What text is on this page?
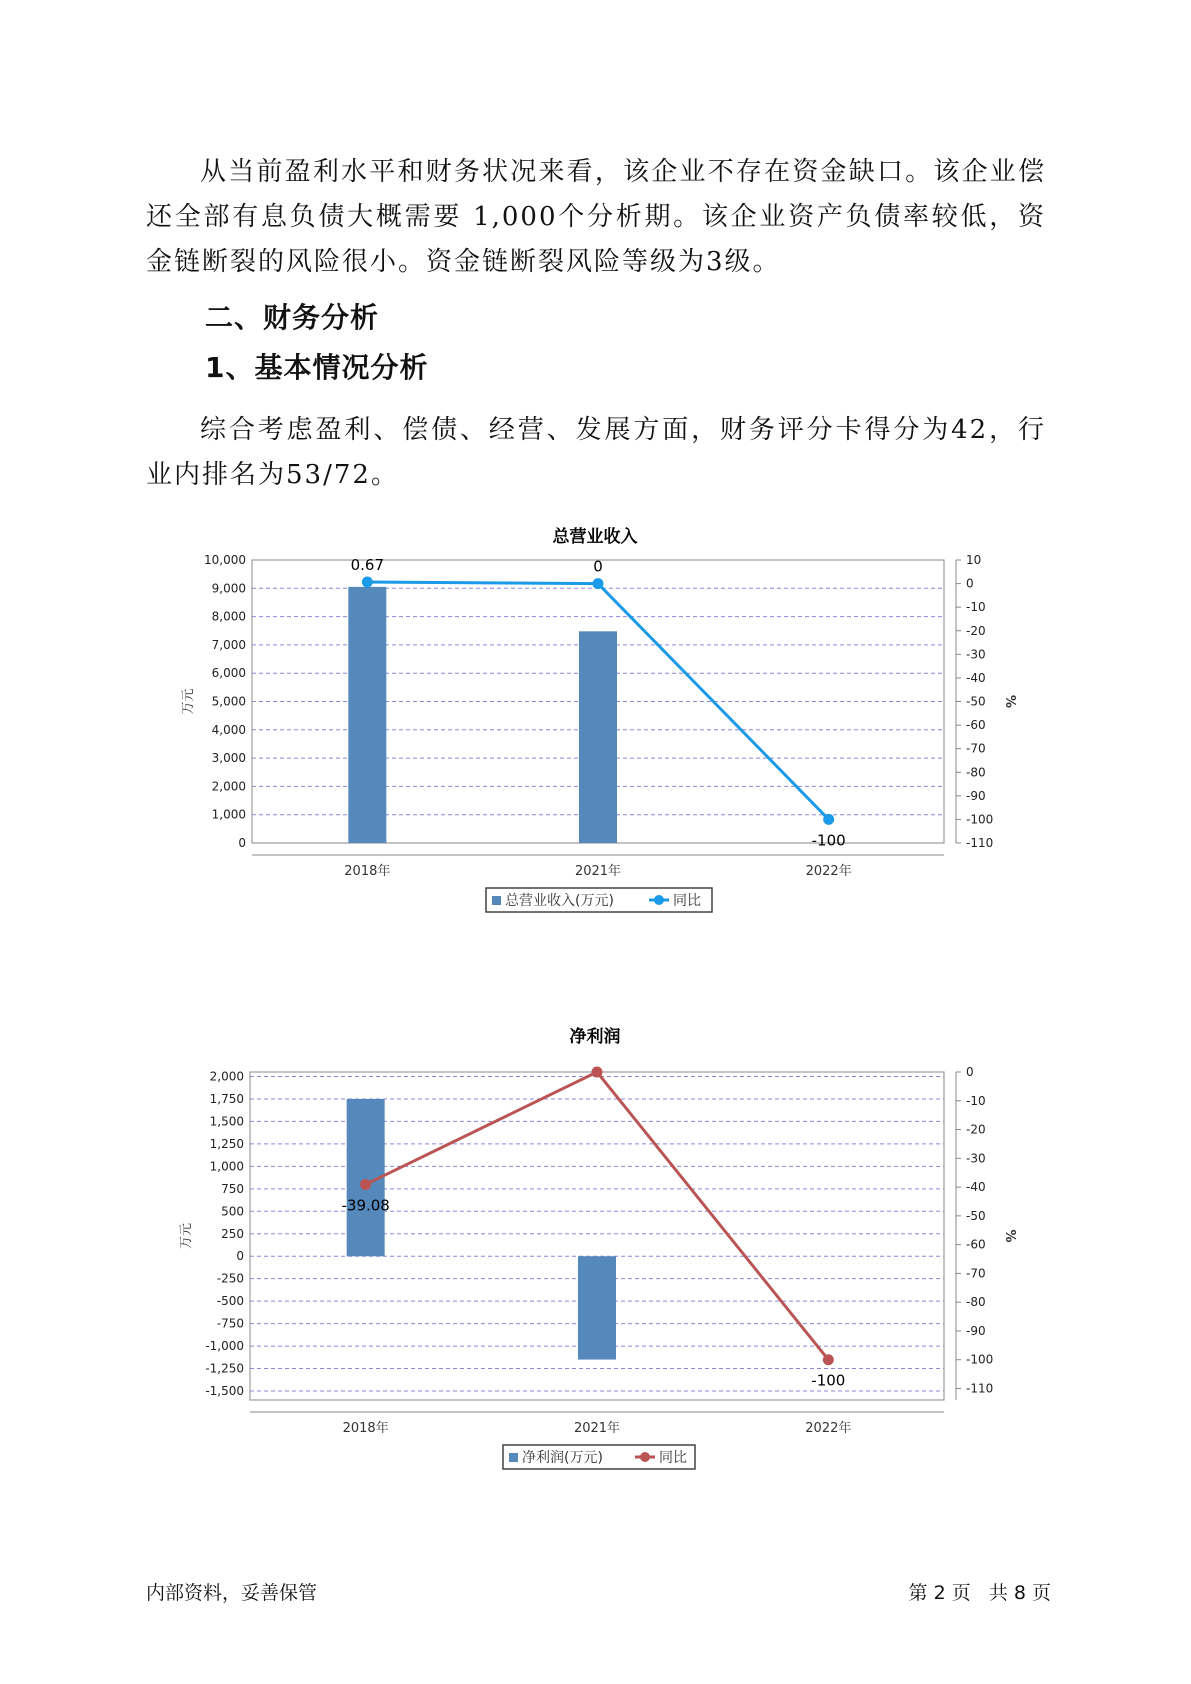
从当前盈利水平和财务状况来看，该企业不存在资金缺口。该企业偿还全部有息负债大概需要 1,000个分析期。该企业资产负债率较低，资金链断裂的风险很小。资金链断裂风险等级为3级。

二、财务分析
1、基本情况分析

综合考虑盈利、偿债、经营、发展方面，财务评分卡得分为42，行业内排名为53/72。

总营业收入
0
1,000
2,000
3,000
4,000
5,000
6,000
7,000
8,000
9,000
10,000
-110
-100
-90
-80
-70
-60
-50
-40
-30
-20
-10
0
10
万元	%
2018年	2021年	2022年
0.67	0
-100
总营业收入(万元)	同比
净利润
-1,500
-1,250
-1,000
-750
-500
-250
0
250
500
750
1,000
1,250
1,500
1,750
2,000
-110
-100
-90
-80
-70
-60
-50
-40
-30
-20
-10
0
万元	%
2018年	2021年	2022年
-39.08
-100
净利润(万元)	同比
内部资料，妥善保管	第 2 页   共 8 页
